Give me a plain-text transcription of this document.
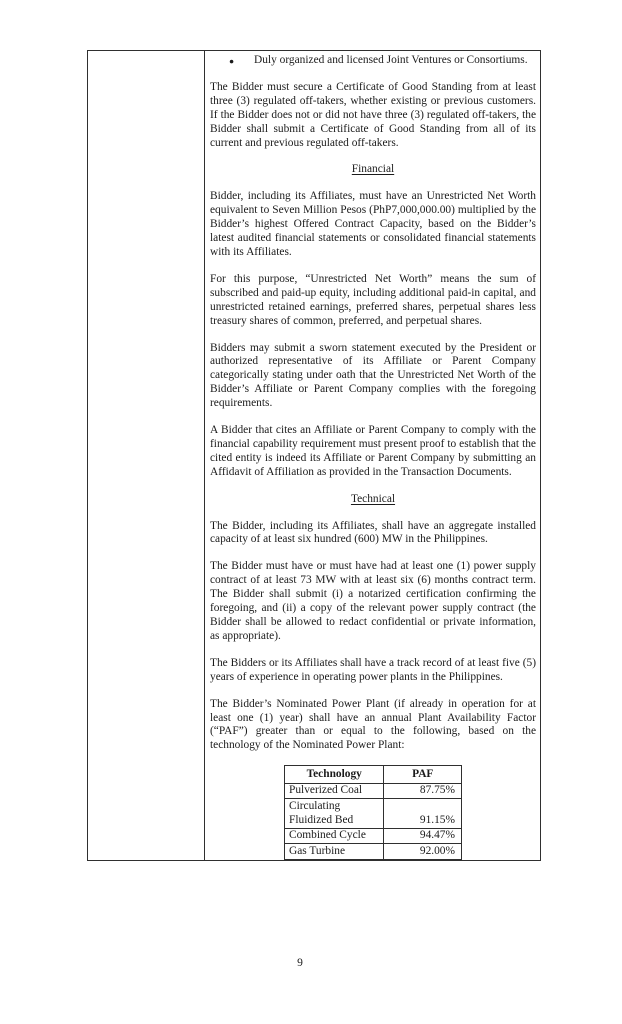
● Duly organized and licensed Joint Ventures or Consortiums.

The Bidder must secure a Certificate of Good Standing from at least three (3) regulated off-takers, whether existing or previous customers. If the Bidder does not or did not have three (3) regulated off-takers, the Bidder shall submit a Certificate of Good Standing from all of its current and previous regulated off-takers.

Financial

Bidder, including its Affiliates, must have an Unrestricted Net Worth equivalent to Seven Million Pesos (PhP7,000,000.00) multiplied by the Bidder’s highest Offered Contract Capacity, based on the Bidder’s latest audited financial statements or consolidated financial statements with its Affiliates.

For this purpose, “Unrestricted Net Worth” means the sum of subscribed and paid-up equity, including additional paid-in capital, and unrestricted retained earnings, preferred shares, perpetual shares less treasury shares of common, preferred, and perpetual shares.

Bidders may submit a sworn statement executed by the President or authorized representative of its Affiliate or Parent Company categorically stating under oath that the Unrestricted Net Worth of the Bidder’s Affiliate or Parent Company complies with the foregoing requirements.

A Bidder that cites an Affiliate or Parent Company to comply with the financial capability requirement must present proof to establish that the cited entity is indeed its Affiliate or Parent Company by submitting an Affidavit of Affiliation as provided in the Transaction Documents.

Technical

The Bidder, including its Affiliates, shall have an aggregate installed capacity of at least six hundred (600) MW in the Philippines.

The Bidder must have or must have had at least one (1) power supply contract of at least 73 MW with at least six (6) months contract term. The Bidder shall submit (i) a notarized certification confirming the foregoing, and (ii) a copy of the relevant power supply contract (the Bidder shall be allowed to redact confidential or private information, as appropriate).

The Bidders or its Affiliates shall have a track record of at least five (5) years of experience in operating power plants in the Philippines.

The Bidder’s Nominated Power Plant (if already in operation for at least one (1) year) shall have an annual Plant Availability Factor (“PAF”) greater than or equal to the following, based on the technology of the Nominated Power Plant:

Technology	PAF
Pulverized Coal	87.75%
Circulating Fluidized Bed	91.15%
Combined Cycle	94.47%
Gas Turbine	92.00%
9
